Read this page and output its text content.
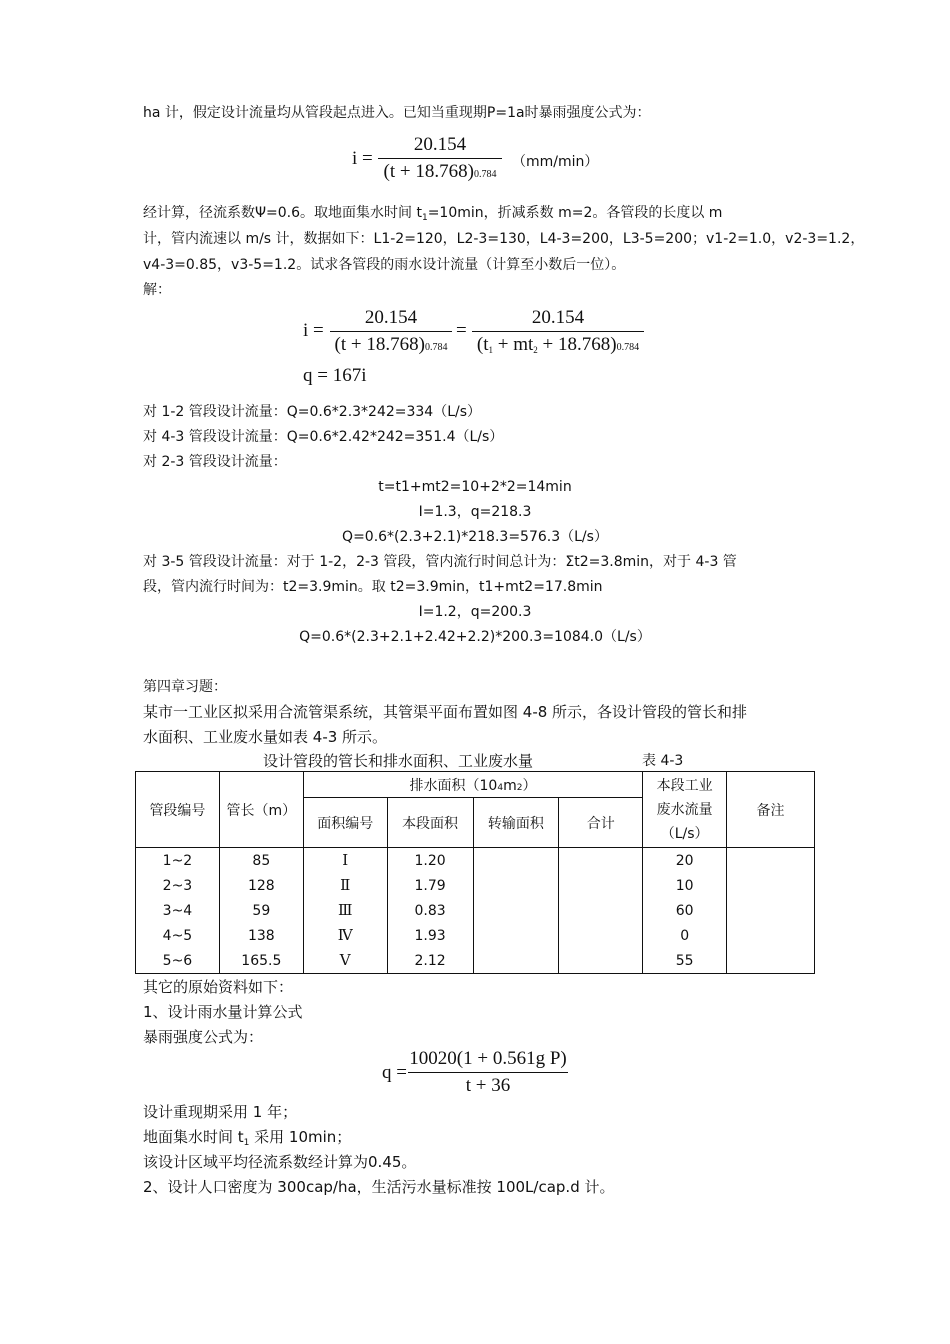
ha 计，假定设计流量均从管段起点进入。已知当重现期P=1a时暴雨强度公式为：
i =
20.154
(t + 18.768)0.784
（mm/min）
经计算，径流系数Ψ=0.6。取地面集水时间 $t_1=10\min$，折减系数 m=2。各管段的长度以 m
计，管内流速以 m/s 计，数据如下：L1-2=120，L2-3=130，L4-3=200，L3-5=200；v1-2=1.0，v2-3=1.2，
v4-3=0.85，v3-5=1.2。试求各管段的雨水设计流量（计算至小数后一位）。
解：
i =
20.154
(t + 18.768)0.784
=
20.154
$(t_1 + mt_2 + 18.768)0.784$
q = 167i
对 1-2 管段设计流量：Q=0.6*2.3*242=334（L/s）
对 4-3 管段设计流量：Q=0.6*2.42*242=351.4（L/s）
对 2-3 管段设计流量：
t=t1+mt2=10+2*2=14min
I=1.3，q=218.3
Q=0.6*(2.3+2.1)*218.3=576.3（L/s）
对 3-5 管段设计流量：对于 1-2，2-3 管段，管内流行时间总计为：Σt2=3.8min，对于 4-3 管
段，管内流行时间为：t2=3.9min。取 t2=3.9min，t1+mt2=17.8min
I=1.2，q=200.3
Q=0.6*(2.3+2.1+2.42+2.2)*200.3=1084.0（L/s）
第四章习题：
某市一工业区拟采用合流管渠系统，其管渠平面布置如图 4-8 所示，各设计管段的管长和排
水面积、工业废水量如表 4-3 所示。
设计管段的管长和排水面积、工业废水量	表 4-3
管段编号	管长（m）	排水面积（104m2）				本段工业
废水流量
（L/s）	备注
		面积编号	本段面积	转输面积	合计		
1~2	85	Ⅰ	1.20			20	
2~3	128	Ⅱ	1.79			10	
3~4	59	Ⅲ	0.83			60	
4~5	138	Ⅳ	1.93			0	
5~6	165.5	Ⅴ	2.12			55	
其它的原始资料如下：
1、设计雨水量计算公式
暴雨强度公式为：
q =
10020(1 + 0.561g P)
t + 36
设计重现期采用 1 年；
地面集水时间 $t_1$ 采用 10min；
该设计区域平均径流系数经计算为0.45。
2、设计人口密度为 300cap/ha，生活污水量标准按 100L/cap.d 计。
